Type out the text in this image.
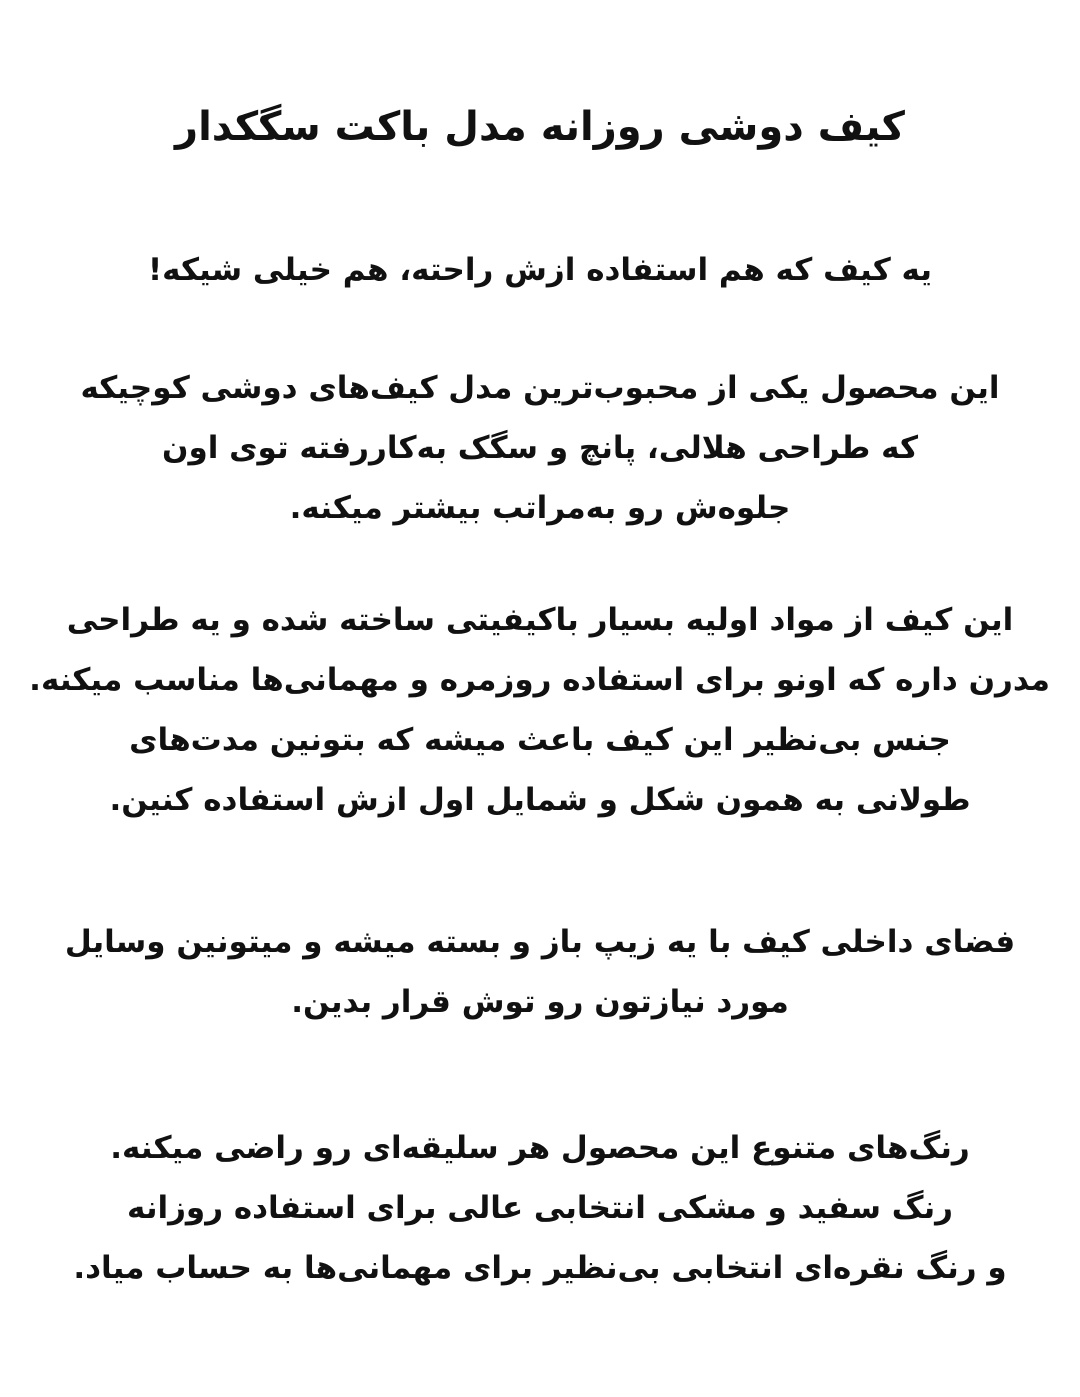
کیف دوشی روزانه مدل باکت سگکدار

یه کیف که هم استفاده ازش راحته، هم خیلی شیکه!

این محصول یکی از محبوب‌ترین مدل کیف‌های دوشی کوچیکه
که طراحی هلالی، پانچ و سگک به‌کاررفته توی اون
جلوه‌ش رو به‌مراتب بیشتر میکنه.

این کیف از مواد اولیه بسیار باکیفیتی ساخته شده و یه طراحی
مدرن داره که اونو برای استفاده روزمره و مهمانی‌ها مناسب میکنه.
جنس بی‌نظیر این کیف باعث میشه که بتونین مدت‌های
طولانی به همون شکل و شمایل اول ازش استفاده کنین.

فضای داخلی کیف با یه زیپ باز و بسته میشه و میتونین وسایل
مورد نیازتون رو توش قرار بدین.

رنگ‌های متنوع این محصول هر سلیقه‌ای رو راضی میکنه.
رنگ سفید و مشکی انتخابی عالی برای استفاده روزانه
و رنگ نقره‌ای انتخابی بی‌نظیر برای مهمانی‌ها به حساب میاد.
